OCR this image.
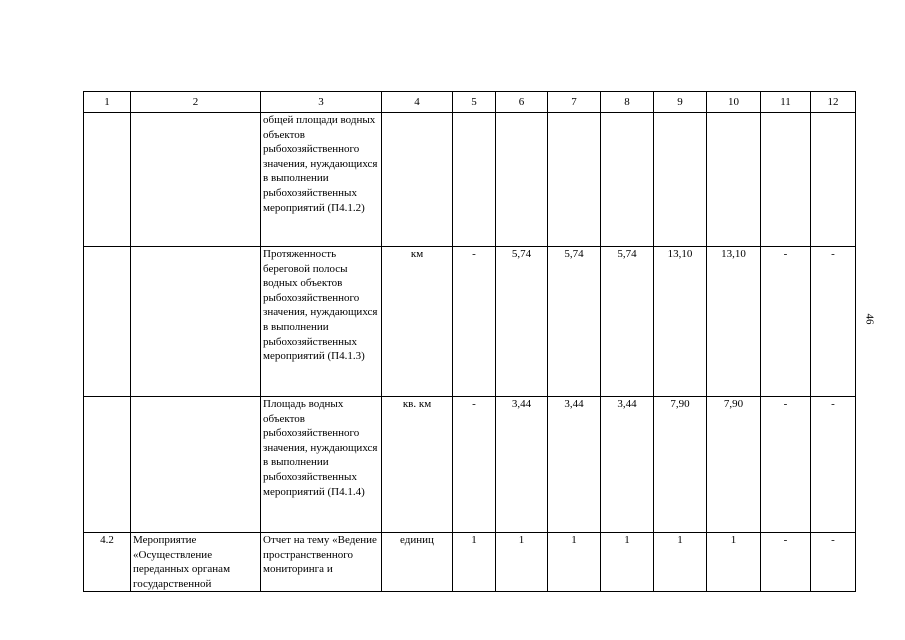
1	2	3	4	5	6	7	8	9	10	11	12
		общей площади водных объектов рыбохозяйственного значения, нуждающихся в выполнении рыбохозяйственных мероприятий (П4.1.2)									
		Протяженность береговой полосы водных объектов рыбохозяйственного значения, нуждающихся в выполнении рыбохозяйственных мероприятий (П4.1.3)	км	-	5,74	5,74	5,74	13,10	13,10	-	-
		Площадь водных объектов рыбохозяйственного значения, нуждающихся в выполнении рыбохозяйственных мероприятий (П4.1.4)	кв. км	-	3,44	3,44	3,44	7,90	7,90	-	-
4.2	Мероприятие «Осуществление переданных органам государственной	Отчет на тему «Ведение пространственного мониторинга и	единиц	1	1	1	1	1	1	-	-
46
